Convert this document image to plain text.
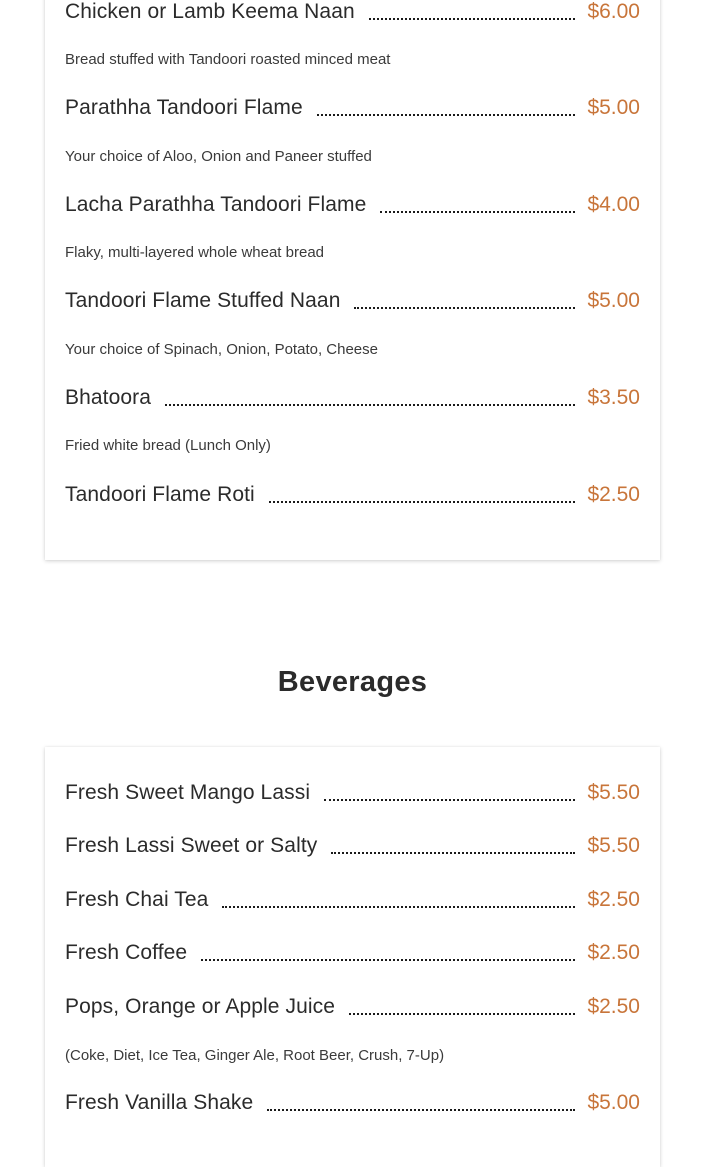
Chicken or Lamb Keema Naan	$6.00
Bread stuffed with Tandoori roasted minced meat
Parathha Tandoori Flame	$5.00
Your choice of Aloo, Onion and Paneer stuffed
Lacha Parathha Tandoori Flame	$4.00
Flaky, multi-layered whole wheat bread
Tandoori Flame Stuffed Naan	$5.00
Your choice of Spinach, Onion, Potato, Cheese
Bhatoora	$3.50
Fried white bread (Lunch Only)
Tandoori Flame Roti	$2.50
Beverages
Fresh Sweet Mango Lassi	$5.50
Fresh Lassi Sweet or Salty	$5.50
Fresh Chai Tea	$2.50
Fresh Coffee	$2.50
Pops, Orange or Apple Juice	$2.50
(Coke, Diet, Ice Tea, Ginger Ale, Root Beer, Crush, 7-Up)
Fresh Vanilla Shake	$5.00
